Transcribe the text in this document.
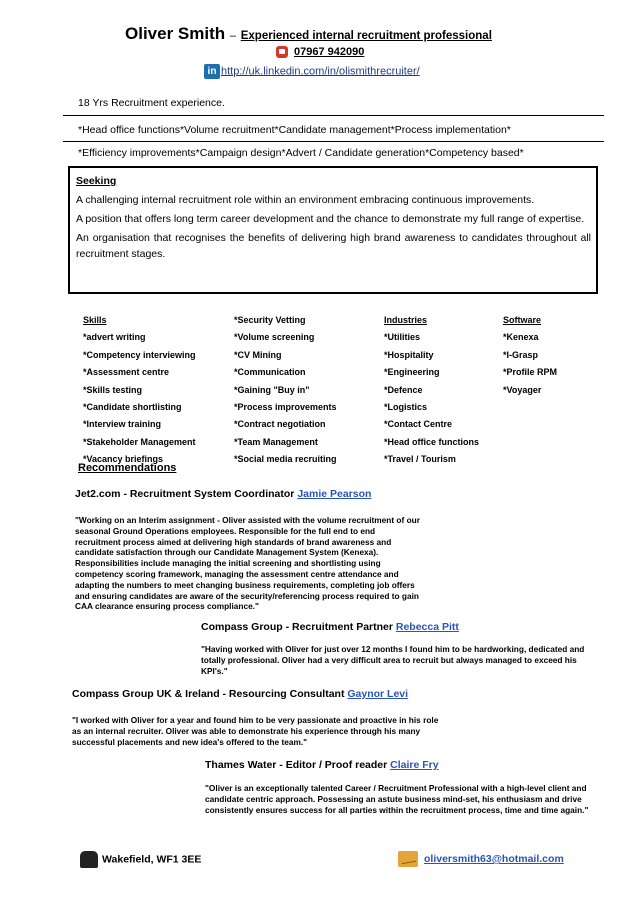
Oliver Smith – Experienced internal recruitment professional
07967 942090
in http://uk.linkedin.com/in/olismithrecruiter/
18 Yrs Recruitment experience.
*Head office functions*Volume recruitment*Candidate management*Process implementation*
*Efficiency improvements*Campaign design*Advert / Candidate generation*Competency based*
Seeking

A challenging internal recruitment role within an environment embracing continuous improvements.

A position that offers long term career development and the chance to demonstrate my full range of expertise.

An organisation that recognises the benefits of delivering high brand awareness to candidates throughout all recruitment stages.

Skills
*advert writing
*Competency interviewing
*Assessment centre
*Skills testing
*Candidate shortlisting
*Interview training
*Stakeholder Management
*Vacancy briefings
*Security Vetting
*Volume screening
*CV Mining
*Communication
*Gaining "Buy in"
*Process improvements
*Contract negotiation
*Team Management
*Social media recruiting
Industries
*Utilities
*Hospitality
*Engineering
*Defence
*Logistics
*Contact Centre
*Head office functions
*Travel / Tourism
Software
*Kenexa
*I-Grasp
*Profile RPM
*Voyager
Recommendations
Jet2.com - Recruitment System Coordinator Jamie Pearson
"Working on an Interim assignment - Oliver assisted with the volume recruitment of our seasonal Ground Operations employees. Responsible for the full end to end recruitment process aimed at delivering high standards of brand awareness and candidate satisfaction through our Candidate Management System (Kenexa). Responsibilities include managing the initial screening and shortlisting using competency scoring framework, managing the assessment centre attendance and adapting the numbers to meet changing business requirements, completing job offers and ensuring candidates are aware of the security/referencing process required to gain CAA clearance ensuring process compliance."
Compass Group - Recruitment Partner Rebecca Pitt
"Having worked with Oliver for just over 12 months I found him to be hardworking, dedicated and totally professional. Oliver had a very difficult area to recruit but always managed to exceed his KPI's."
Compass Group UK & Ireland - Resourcing Consultant Gaynor Levi
"I worked with Oliver for a year and found him to be very passionate and proactive in his role as an internal recruiter. Oliver was able to demonstrate his experience through his many successful placements and new idea's offered to the team."
Thames Water - Editor / Proof reader Claire Fry
"Oliver is an exceptionally talented Career / Recruitment Professional with a high-level client and candidate centric approach. Possessing an astute business mind-set, his enthusiasm and drive consistently ensures success for all parties within the recruitment process, time and time again."
Wakefield, WF1 3EE	oliversmith63@hotmail.com
